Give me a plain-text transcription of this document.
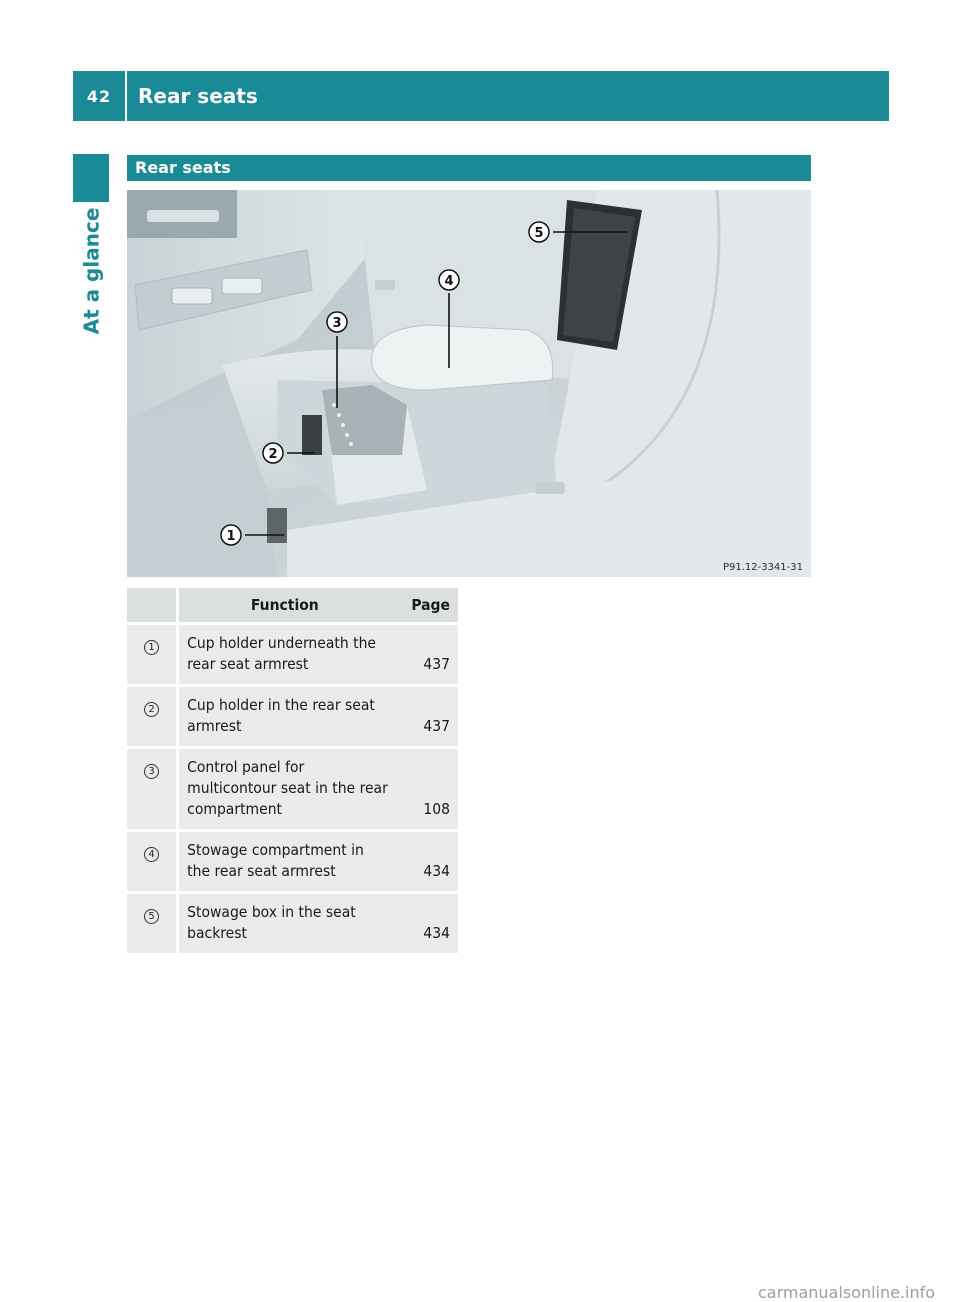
42	Rear seats
At a glance
Rear seats
1
2
3
4
5
P91.12-3341-31
	Function	Page
1	Cup holder underneath the rear seat armrest	437
2	Cup holder in the rear seat armrest	437
3	Control panel for multicontour seat in the rear compartment	108
4	Stowage compartment in the rear seat armrest	434
5	Stowage box in the seat backrest	434
carmanualsonline.info
